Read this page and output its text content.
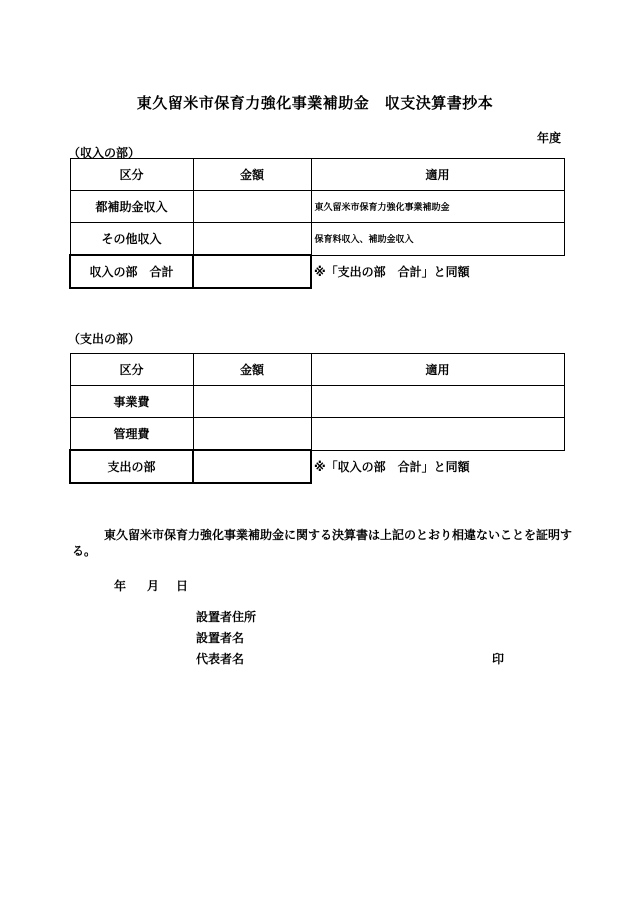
東久留米市保育力強化事業補助金　収支決算書抄本
年度
（収入の部）
区分	金額	適用
都補助金収入		東久留米市保育力強化事業補助金
その他収入		保育料収入、補助金収入
収入の部　合計		※「支出の部　合計」と同額
（支出の部）
区分	金額	適用
事業費		
管理費		
支出の部		※「収入の部　合計」と同額
東久留米市保育力強化事業補助金に関する決算書は上記のとおり相違ないことを証明する。
年 月 日
設置者住所
設置者名
代表者名	印
